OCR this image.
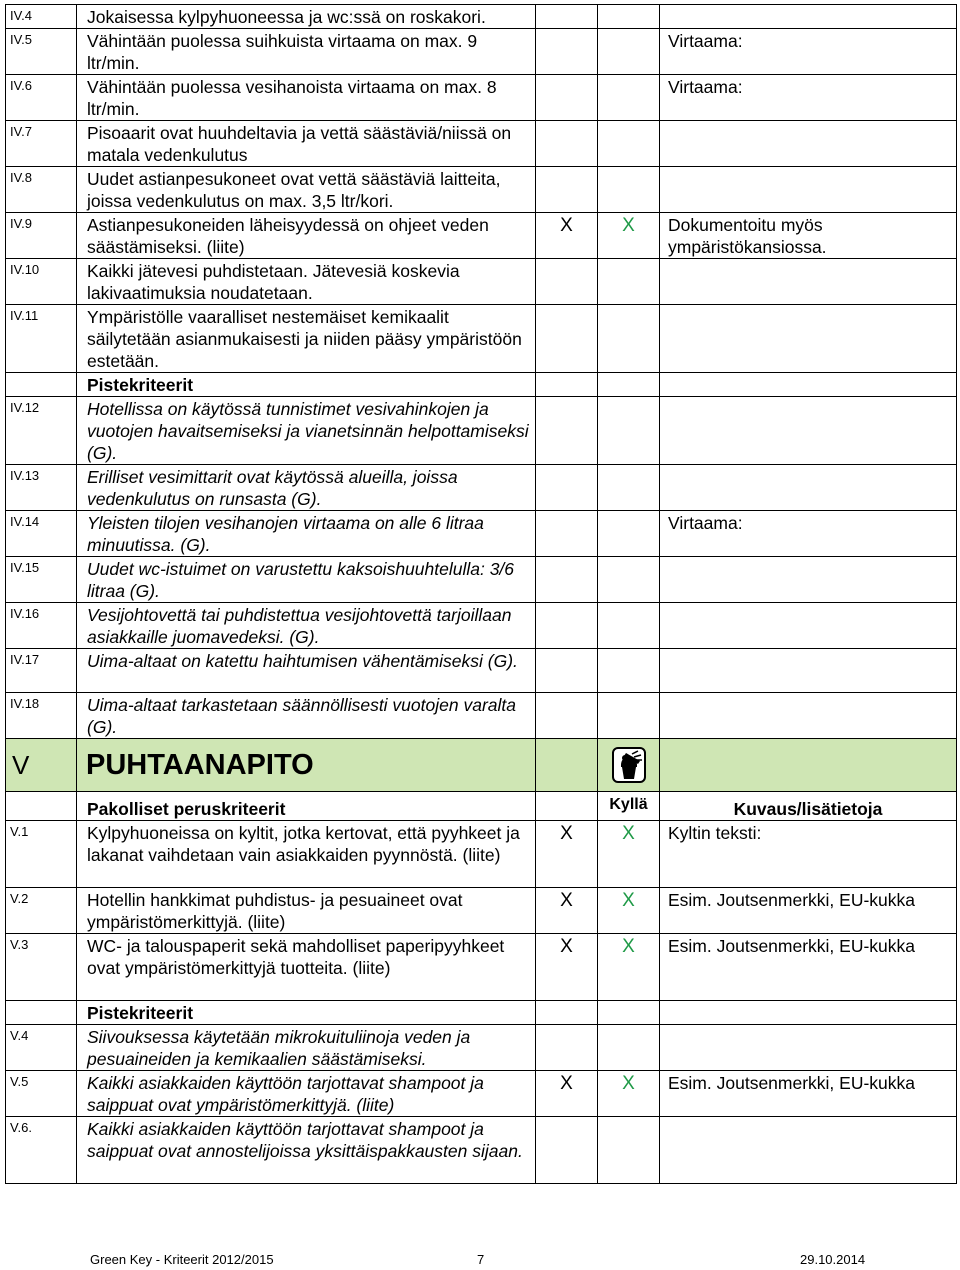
IV.4	Jokaisessa kylpyhuoneessa ja wc:ssä on roskakori.			
IV.5	Vähintään puolessa suihkuista virtaama on max. 9 ltr/min.			Virtaama:
IV.6	Vähintään puolessa vesihanoista virtaama on max. 8 ltr/min.			Virtaama:
IV.7	Pisoaarit ovat huuhdeltavia ja vettä säästäviä/niissä on matala vedenkulutus			
IV.8	Uudet astianpesukoneet ovat vettä säästäviä laitteita, joissa vedenkulutus on max. 3,5 ltr/kori.			
IV.9	Astianpesukoneiden läheisyydessä on ohjeet veden säästämiseksi. (liite)	X	X	Dokumentoitu myös ympäristökansiossa.
IV.10	Kaikki jätevesi puhdistetaan. Jätevesiä koskevia lakivaatimuksia noudatetaan.			
IV.11	Ympäristölle vaaralliset nestemäiset kemikaalit säilytetään asianmukaisesti ja niiden pääsy ympäristöön estetään.			
	Pistekriteerit			
IV.12	Hotellissa on käytössä tunnistimet vesivahinkojen ja vuotojen havaitsemiseksi ja vianetsinnän helpottamiseksi (G).			
IV.13	Erilliset vesimittarit ovat käytössä alueilla, joissa vedenkulutus on runsasta (G).			
IV.14	Yleisten tilojen vesihanojen virtaama on alle 6 litraa minuutissa. (G).			Virtaama:
IV.15	Uudet wc-istuimet on varustettu kaksoishuuhtelulla: 3/6 litraa (G).			
IV.16	Vesijohtovettä tai puhdistettua vesijohtovettä tarjoillaan asiakkaille juomavedeksi. (G).			
IV.17	Uima-altaat on katettu haihtumisen vähentämiseksi (G).			
IV.18	Uima-altaat tarkastetaan säännöllisesti vuotojen varalta (G).			
V	PUHTAANAPITO		

	Pakolliset peruskriteerit		Kyllä	Kuvaus/lisätietoja
V.1	Kylpyhuoneissa on kyltit, jotka kertovat, että pyyhkeet ja lakanat vaihdetaan vain asiakkaiden pyynnöstä. (liite)	X	X	Kyltin teksti:
V.2	Hotellin hankkimat puhdistus- ja pesuaineet ovat ympäristömerkittyjä. (liite)	X	X	Esim. Joutsenmerkki, EU-kukka
V.3	WC- ja talouspaperit sekä mahdolliset paperipyyhkeet ovat ympäristömerkittyjä tuotteita. (liite)	X	X	Esim. Joutsenmerkki, EU-kukka
	Pistekriteerit			
V.4	Siivouksessa käytetään mikrokuituliinoja veden ja pesuaineiden ja kemikaalien säästämiseksi.			
V.5	Kaikki asiakkaiden käyttöön tarjottavat shampoot ja saippuat ovat ympäristömerkittyjä. (liite)	X	X	Esim. Joutsenmerkki, EU-kukka
V.6.	Kaikki asiakkaiden käyttöön tarjottavat shampoot ja saippuat ovat annostelijoissa yksittäispakkausten sijaan.			
Green Key - Kriteerit 2012/2015	7	29.10.2014
